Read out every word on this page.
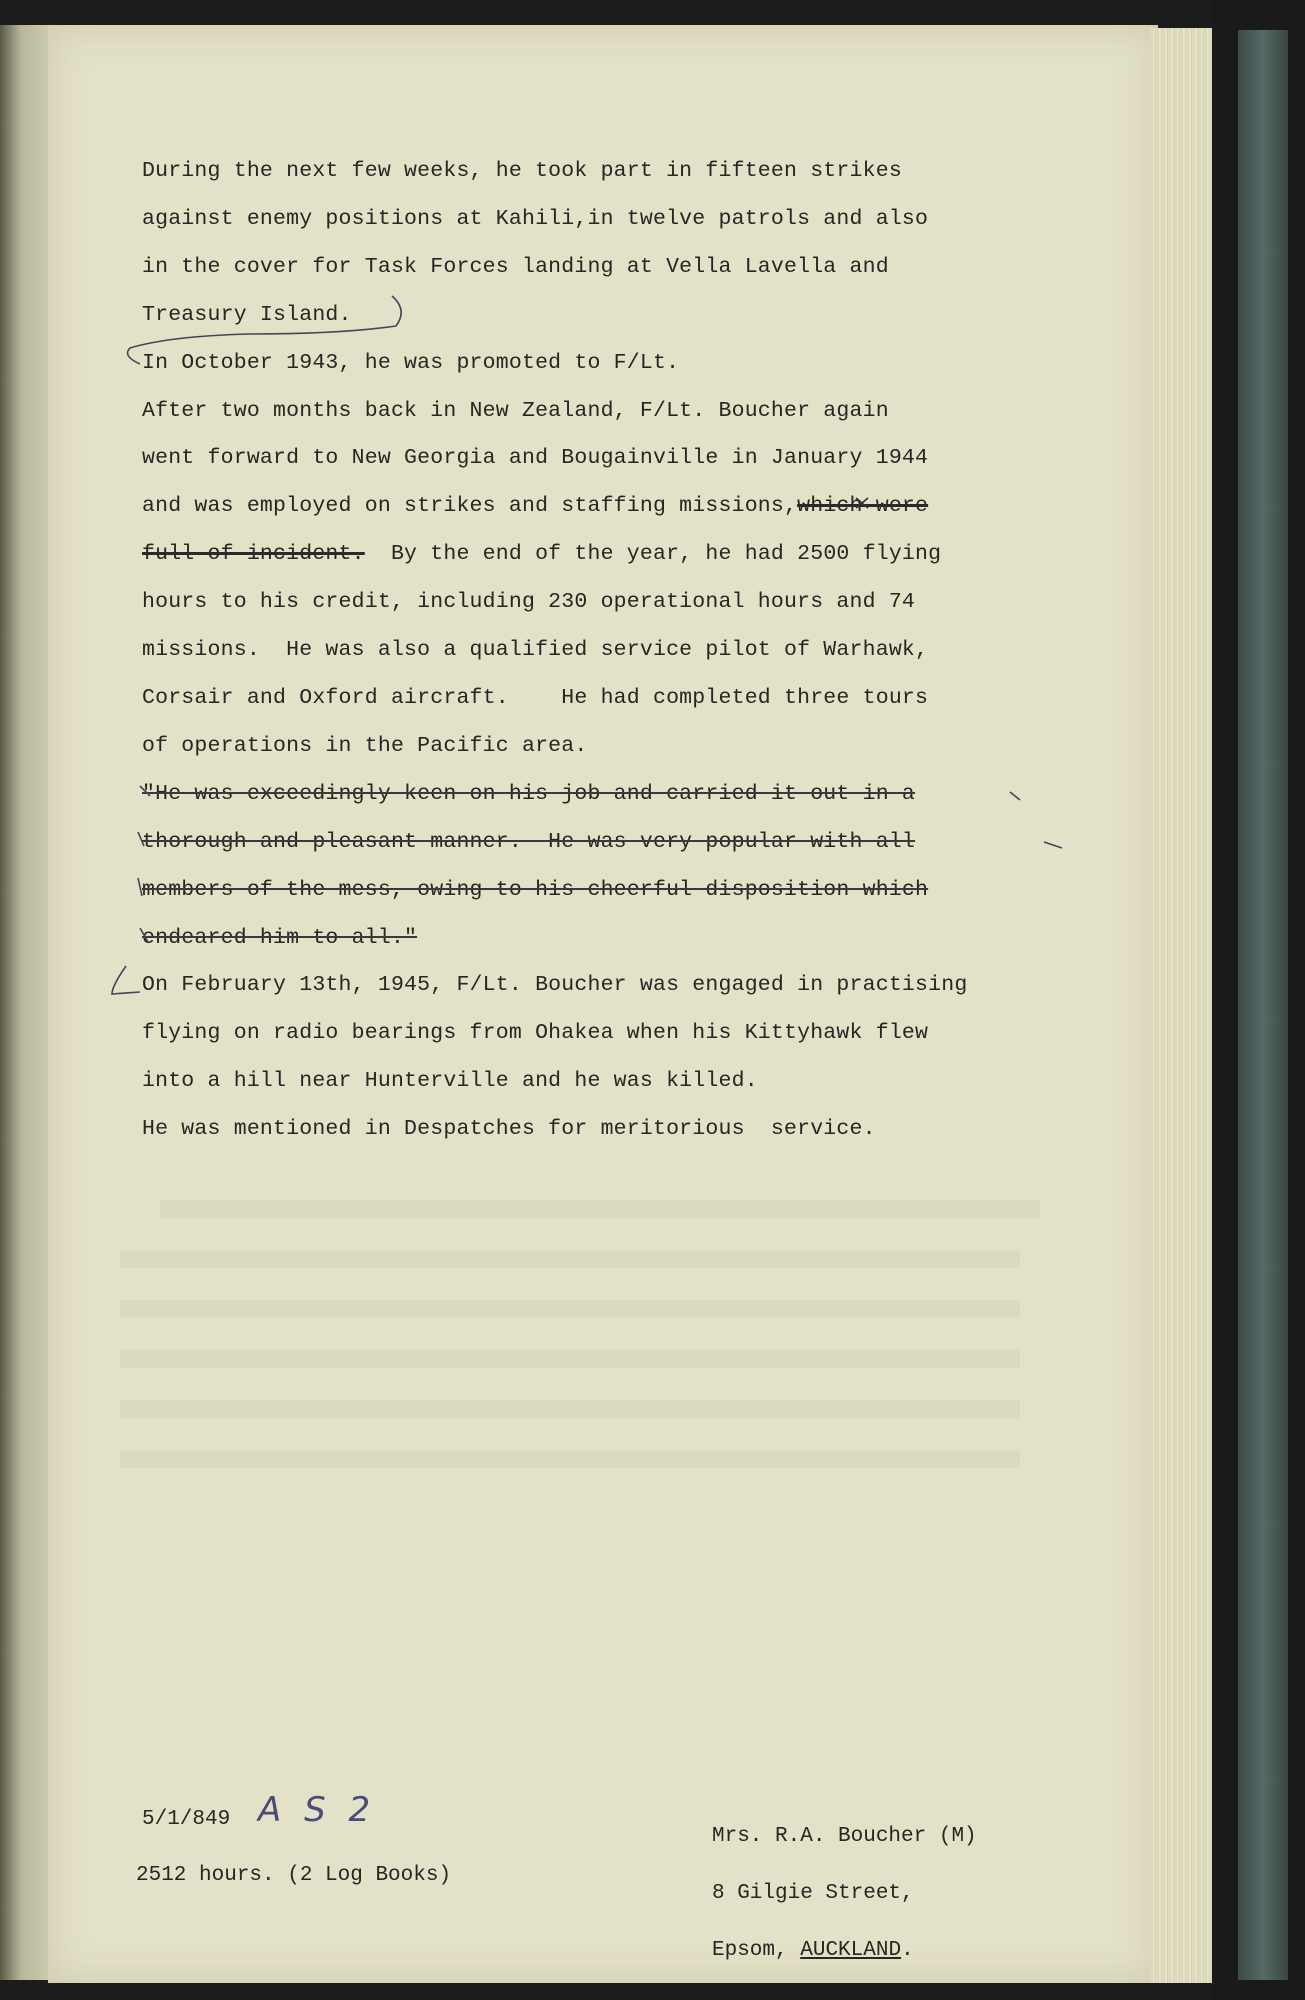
During the next few weeks, he took part in fifteen strikes
against enemy positions at Kahili,in twelve patrols and also
in the cover for Task Forces landing at Vella Lavella and
Treasury Island.
In October 1943, he was promoted to F/Lt.
After two months back in New Zealand, F/Lt. Boucher again
went forward to New Georgia and Bougainville in January 1944
and was employed on strikes and staffing missions,which were
full of incident.  By the end of the year, he had 2500 flying
hours to his credit, including 230 operational hours and 74
missions.  He was also a qualified service pilot of Warhawk,
Corsair and Oxford aircraft.    He had completed three tours
of operations in the Pacific area.
"He was exceedingly keen on his job and carried it out in a
thorough and pleasant manner.  He was very popular with all
members of the mess, owing to his cheerful disposition which
endeared him to all."
On February 13th, 1945, F/Lt. Boucher was engaged in practising
flying on radio bearings from Ohakea when his Kittyhawk flew
into a hill near Hunterville and he was killed.
He was mentioned in Despatches for meritorious  service.
5/1/849 A S 2
2512 hours. (2 Log Books)
Mrs. R.A. Boucher (M)
8 Gilgie Street,
Epsom, AUCKLAND.
